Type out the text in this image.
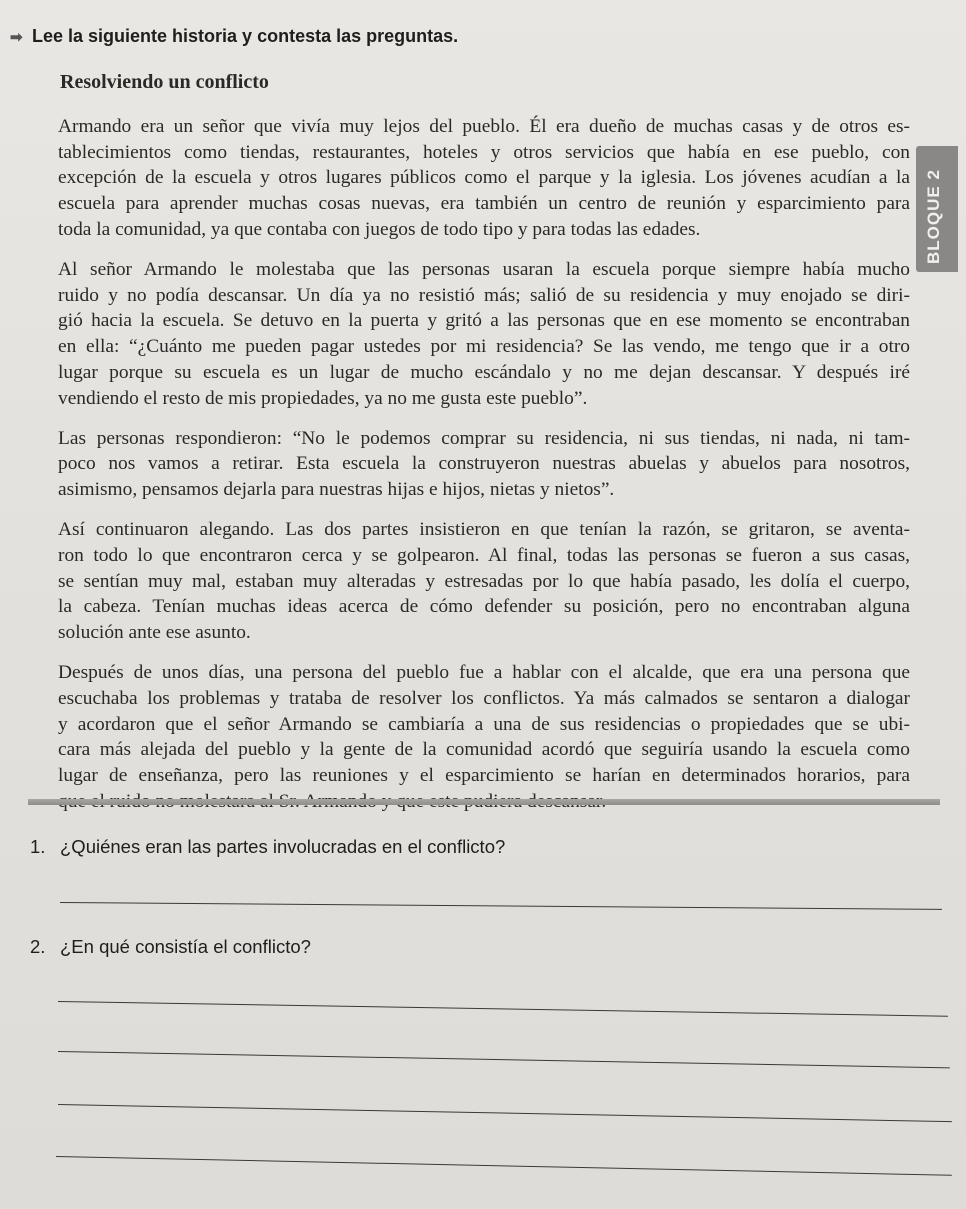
➡ Lee la siguiente historia y contesta las preguntas.
Resolviendo un conflicto

Armando era un señor que vivía muy lejos del pueblo. Él era dueño de muchas casas y de otros es-
tablecimientos como tiendas, restaurantes, hoteles y otros servicios que había en ese pueblo, con
excepción de la escuela y otros lugares públicos como el parque y la iglesia. Los jóvenes acudían a la
escuela para aprender muchas cosas nuevas, era también un centro de reunión y esparcimiento para
toda la comunidad, ya que contaba con juegos de todo tipo y para todas las edades.

Al señor Armando le molestaba que las personas usaran la escuela porque siempre había mucho
ruido y no podía descansar. Un día ya no resistió más; salió de su residencia y muy enojado se diri-
gió hacia la escuela. Se detuvo en la puerta y gritó a las personas que en ese momento se encontraban
en ella: “¿Cuánto me pueden pagar ustedes por mi residencia? Se las vendo, me tengo que ir a otro
lugar porque su escuela es un lugar de mucho escándalo y no me dejan descansar. Y después iré
vendiendo el resto de mis propiedades, ya no me gusta este pueblo”.

Las personas respondieron: “No le podemos comprar su residencia, ni sus tiendas, ni nada, ni tam-
poco nos vamos a retirar. Esta escuela la construyeron nuestras abuelas y abuelos para nosotros,
asimismo, pensamos dejarla para nuestras hijas e hijos, nietas y nietos”.

Así continuaron alegando. Las dos partes insistieron en que tenían la razón, se gritaron, se aventa-
ron todo lo que encontraron cerca y se golpearon. Al final, todas las personas se fueron a sus casas,
se sentían muy mal, estaban muy alteradas y estresadas por lo que había pasado, les dolía el cuerpo,
la cabeza. Tenían muchas ideas acerca de cómo defender su posición, pero no encontraban alguna
solución ante ese asunto.

Después de unos días, una persona del pueblo fue a hablar con el alcalde, que era una persona que
escuchaba los problemas y trataba de resolver los conflictos. Ya más calmados se sentaron a dialogar
y acordaron que el señor Armando se cambiaría a una de sus residencias o propiedades que se ubi-
cara más alejada del pueblo y la gente de la comunidad acordó que seguiría usando la escuela como
lugar de enseñanza, pero las reuniones y el esparcimiento se harían en determinados horarios, para

BLOQUE 2
1. ¿Quiénes eran las partes involucradas en el conflicto?
2. ¿En qué consistía el conflicto?
